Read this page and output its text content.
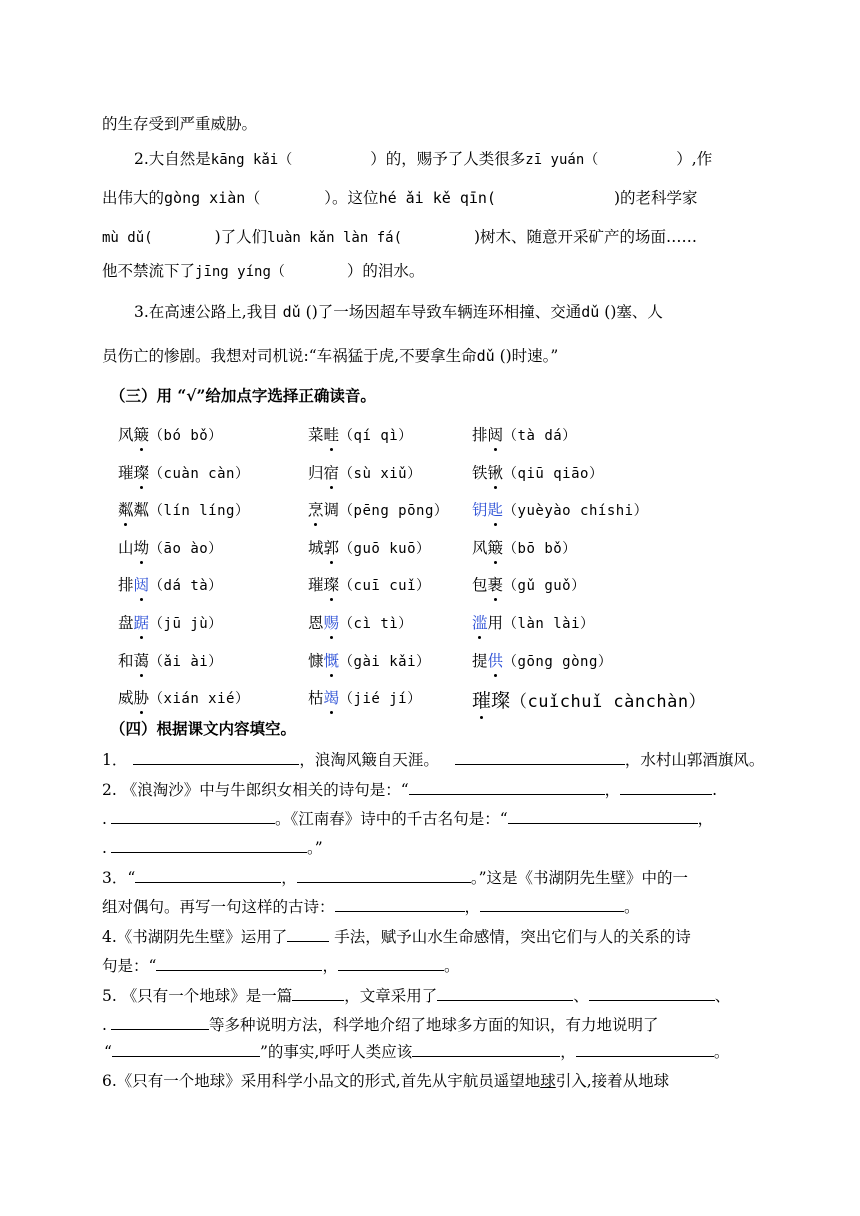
的生存受到严重威胁。
2.大自然是kāng kǎi（	）的，赐予了人类很多zī yuán（	）,作
出伟大的gòng xiàn（	）。这位hé ǎi kě qīn(	)的老科学家
mù dǔ(	)了人们luàn kǎn làn fá(	)树木、随意开采矿产的场面……
他不禁流下了jīng yíng（	）的泪水。
3.在高速公路上,我目 dǔ ()了一场因超车导致车辆连环相撞、交通dǔ ()塞、人
员伤亡的惨剧。我想对司机说:“车祸猛于虎,不要拿生命dǔ ()时速。”
（三）用 “√”给加点字选择正确读音。
风簸（bó bǒ）	菜畦（qí qì）	排闼（tà dá）
璀璨（cuàn càn）	归宿（sù xiǔ）	铁锹（qiū qiāo）
粼粼（lín líng）	烹调（pēng pōng） 钥匙（yuèyào chíshi）
山坳（āo ào）	城郭（guō kuō）	风簸（bō bǒ）
排闼（dá tà）	璀璨（cuī cuǐ）	包裹（gǔ guǒ）
盘踞（jū jù）	恩赐（cì tì）	滥用（làn lài）
和蔼（ǎi ài）	慷慨（gài kǎi）	提供（gōng gòng）
威胁（xián xié）	枯竭（jié jí）	璀璨（cuǐchuǐ cànchàn）
（四）根据课文内容填空。
1．	，浪淘风簸自天涯。	，水村山郭酒旗风。
2. 《浪淘沙》中与牛郎织女相关的诗句是：“	，	.
.	。《江南春》诗中的千古名句是：“	，
.	。”
3．“	，	。”这是《书湖阴先生壁》中的一
组对偶句。再写一句这样的古诗：	，	。
4.《书湖阴先生壁》运用了	手法，赋予山水生命感情，突出它们与人的关系的诗
句是：“	，	。
5. 《只有一个地球》是一篇	，文章采用了	、	、
.	等多种说明方法，科学地介绍了地球多方面的知识，有力地说明了
“	”的事实,呼吁人类应该	，	。
6.《只有一个地球》采用科学小品文的形式,首先从宇航员遥望地球引入,接着从地球
